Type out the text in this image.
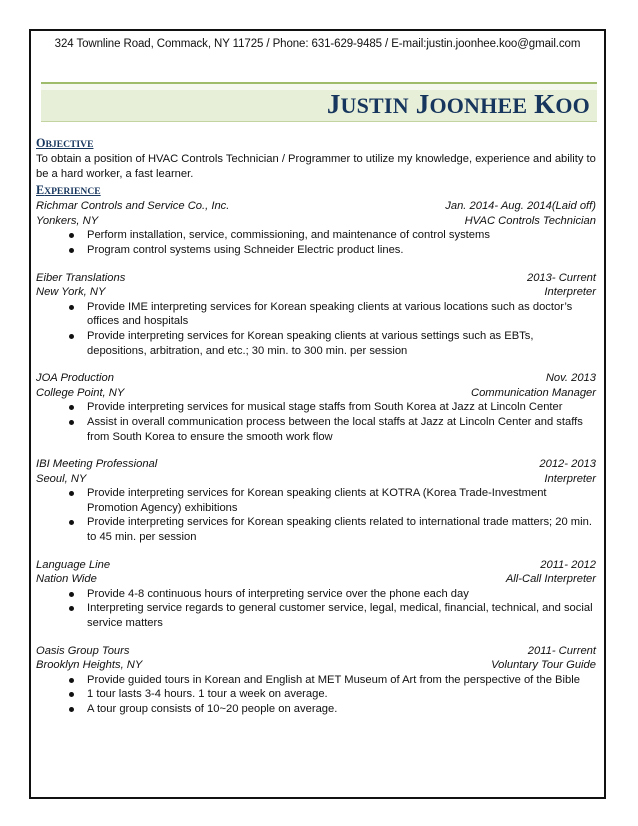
324 Townline Road, Commack, NY 11725 / Phone: 631-629-9485 / E-mail:justin.joonhee.koo@gmail.com
JUSTIN JOONHEE KOO
OBJECTIVE
To obtain a position of HVAC Controls Technician / Programmer to utilize my knowledge, experience and ability to be a hard worker, a fast learner.
EXPERIENCE
Richmar Controls and Service Co., Inc.	Jan. 2014- Aug. 2014(Laid off)
Yonkers, NY	HVAC Controls Technician
Perform installation, service, commissioning, and maintenance of control systems
Program control systems using Schneider Electric product lines.
Eiber Translations	2013- Current
New York, NY	Interpreter
Provide IME interpreting services for Korean speaking clients at various locations such as doctor’s offices and hospitals
Provide interpreting services for Korean speaking clients at various settings such as EBTs, depositions, arbitration, and etc.; 30 min. to 300 min. per session
JOA Production	Nov. 2013
College Point, NY	Communication Manager
Provide interpreting services for musical stage staffs from South Korea at Jazz at Lincoln Center
Assist in overall communication process between the local staffs at Jazz at Lincoln Center and staffs from South Korea to ensure the smooth work flow
IBI Meeting Professional	2012- 2013
Seoul, NY	Interpreter
Provide interpreting services for Korean speaking clients at KOTRA (Korea Trade-Investment Promotion Agency) exhibitions
Provide interpreting services for Korean speaking clients related to international trade matters; 20 min. to 45 min. per session
Language Line	2011- 2012
Nation Wide	All-Call Interpreter
Provide 4-8 continuous hours of interpreting service over the phone each day
Interpreting service regards to general customer service, legal, medical, financial, technical, and social service matters
Oasis Group Tours	2011- Current
Brooklyn Heights, NY	Voluntary Tour Guide
Provide guided tours in Korean and English at MET Museum of Art from the perspective of the Bible
1 tour lasts 3-4 hours. 1 tour a week on average.
A tour group consists of 10~20 people on average.
